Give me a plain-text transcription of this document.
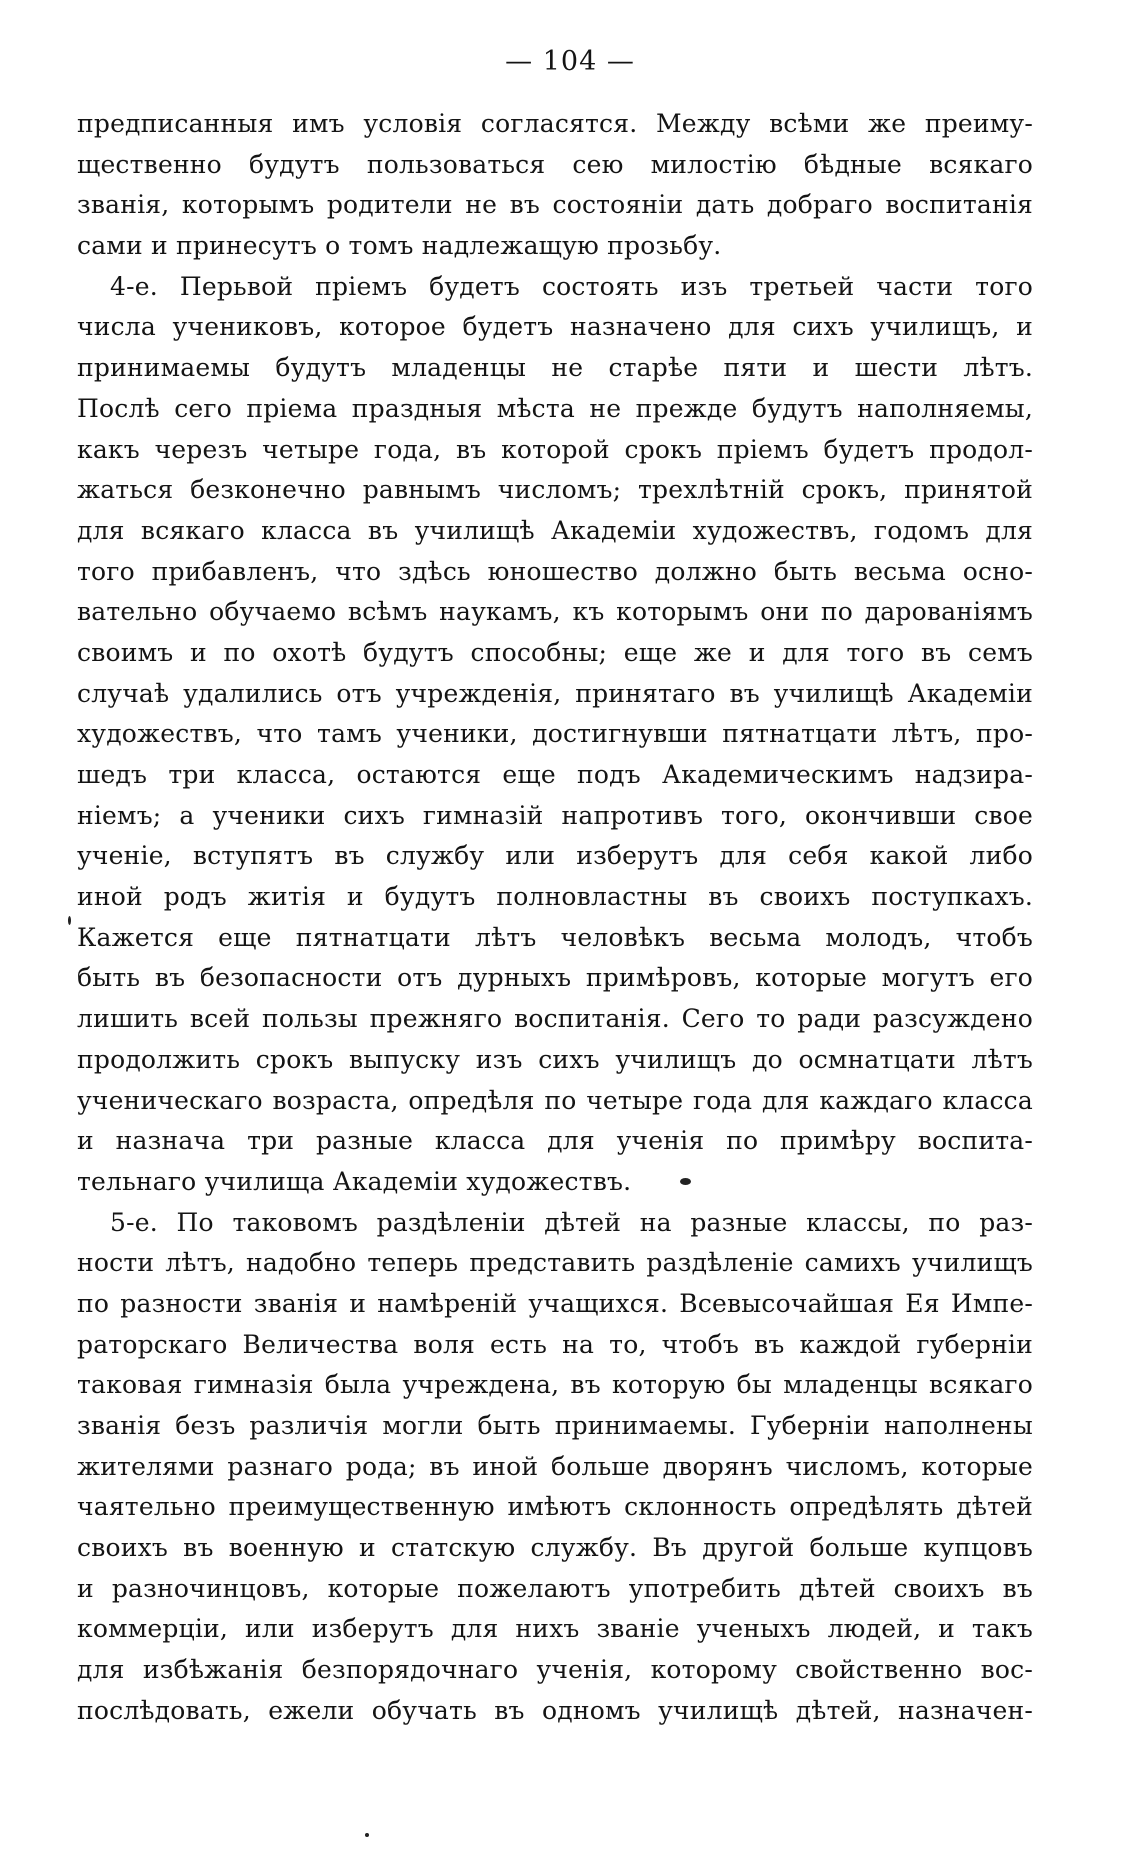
— 104 —
предписанныя имъ условія согласятся. Между всѣми же преиму-
щественно будутъ пользоваться сею милостію бѣдные всякаго
званія, которымъ родители не въ состояніи дать добраго воспитанія
сами и принесутъ о томъ надлежащую прозьбу.
4-е. Перьвой пріемъ будетъ состоять изъ третьей части того
числа учениковъ, которое будетъ назначено для сихъ училищъ, и
принимаемы будутъ младенцы не старѣе пяти и шести лѣтъ.
Послѣ сего пріема праздныя мѣста не прежде будутъ наполняемы,
какъ черезъ четыре года, въ которой срокъ пріемъ будетъ продол-
жаться безконечно равнымъ числомъ; трехлѣтній срокъ, принятой
для всякаго класса въ училищѣ Академіи художествъ, годомъ для
того прибавленъ, что здѣсь юношество должно быть весьма осно-
вательно обучаемо всѣмъ наукамъ, къ которымъ они по дарованіямъ
своимъ и по охотѣ будутъ способны; еще же и для того въ семъ
случаѣ удалились отъ учрежденія, принятаго въ училищѣ Академіи
художествъ, что тамъ ученики, достигнувши пятнатцати лѣтъ, про-
шедъ три класса, остаются еще подъ Академическимъ надзира-
ніемъ; а ученики сихъ гимназій напротивъ того, окончивши свое
ученіе, вступятъ въ службу или изберутъ для себя какой либо
иной родъ житія и будутъ полновластны въ своихъ поступкахъ.
Кажется еще пятнатцати лѣтъ человѣкъ весьма молодъ, чтобъ
быть въ безопасности отъ дурныхъ примѣровъ, которые могутъ его
лишить всей пользы прежняго воспитанія. Сего то ради разсуждено
продолжить срокъ выпуску изъ сихъ училищъ до осмнатцати лѣтъ
ученическаго возраста, опредѣля по четыре года для каждаго класса
и назнача три разные класса для ученія по примѣру воспита-
тельнаго училища Академіи художествъ.
5-е. По таковомъ раздѣленіи дѣтей на разные классы, по раз-
ности лѣтъ, надобно теперь представить раздѣленіе самихъ училищъ
по разности званія и намѣреній учащихся. Всевысочайшая Ея Импе-
раторскаго Величества воля есть на то, чтобъ въ каждой губерніи
таковая гимназія была учреждена, въ которую бы младенцы всякаго
званія безъ различія могли быть принимаемы. Губерніи наполнены
жителями разнаго рода; въ иной больше дворянъ числомъ, которые
чаятельно преимущественную имѣютъ склонность опредѣлять дѣтей
своихъ въ военную и статскую службу. Въ другой больше купцовъ
и разночинцовъ, которые пожелаютъ употребить дѣтей своихъ въ
коммерціи, или изберутъ для нихъ званіе ученыхъ людей, и такъ
для избѣжанія безпорядочнаго ученія, которому свойственно вос-
послѣдовать, ежели обучать въ одномъ училищѣ дѣтей, назначен-
